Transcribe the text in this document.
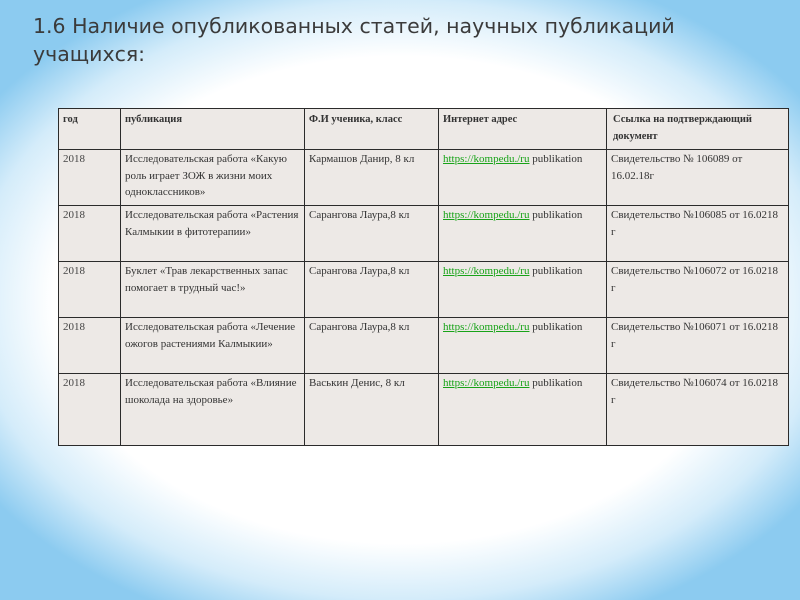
1.6 Наличие опубликованных статей, научных публикаций учащихся:
год	публикация	Ф.И ученика, класс	Интернет адрес	Ссылка на подтверждающий документ
2018	Исследовательская работа «Какую роль играет ЗОЖ в жизни моих одноклассников»	Кармашов Данир, 8 кл	https://kompedu./ru publikation	Свидетельство № 106089 от 16.02.18г
2018	Исследовательская работа «Растения Калмыкии в фитотерапии»	Сарангова Лаура,8 кл	https://kompedu./ru publikation	Свидетельство №106085 от 16.0218 г
2018	Буклет «Трав лекарственных запас помогает в трудный час!»	Сарангова Лаура,8 кл	https://kompedu./ru publikation	Свидетельство №106072 от 16.0218 г
2018	Исследовательская работа «Лечение ожогов растениями Калмыкии»	Сарангова Лаура,8 кл	https://kompedu./ru publikation	Свидетельство №106071 от 16.0218 г
2018	Исследовательская работа «Влияние шоколада на здоровье»	Васькин Денис, 8 кл	https://kompedu./ru publikation	Свидетельство №106074 от 16.0218 г
